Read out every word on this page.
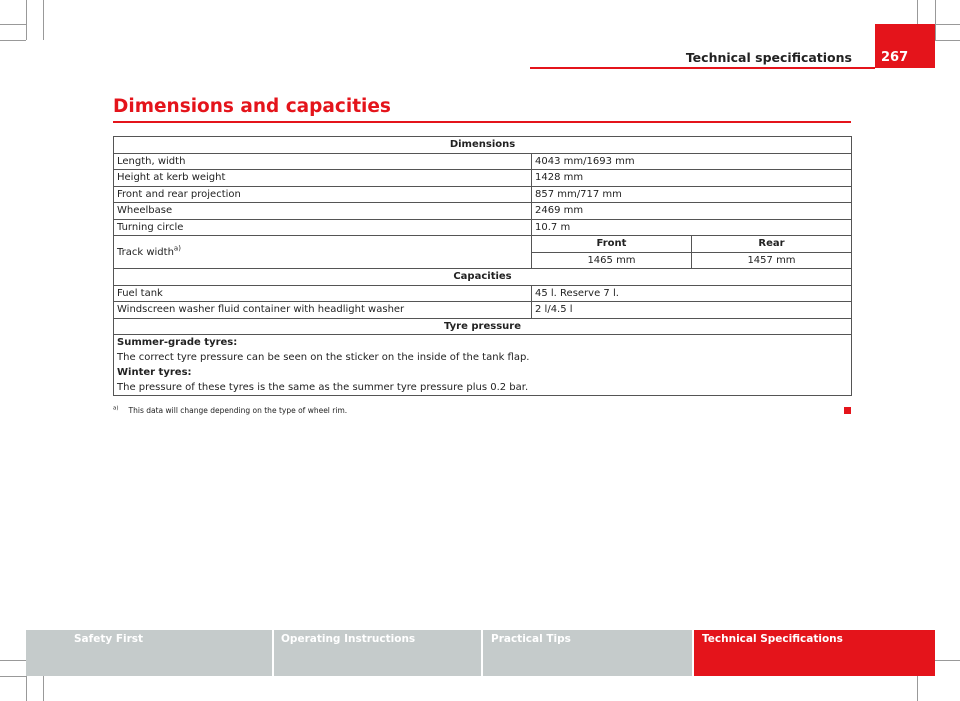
Technical specifications	267
Dimensions and capacities
Dimensions		
Length, width	4043 mm/1693 mm	
Height at kerb weight	1428 mm	
Front and rear projection	857 mm/717 mm	
Wheelbase	2469 mm	
Turning circle	10.7 m	
Track width$^{a)}$	Front	Rear
	1465 mm	1457 mm
Capacities		
Fuel tank	45 l. Reserve 7 l.	
Windscreen washer fluid container with headlight washer	2 l/4.5 l	
Tyre pressure		

Summer-grade tyres:
The correct tyre pressure can be seen on the sticker on the inside of the tank flap.
Winter tyres:
The pressure of these tyres is the same as the summer tyre pressure plus 0.2 bar.		
$^{a)}$ This data will change depending on the type of wheel rim.
Safety First	Operating Instructions	Practical Tips	Technical Specifications
